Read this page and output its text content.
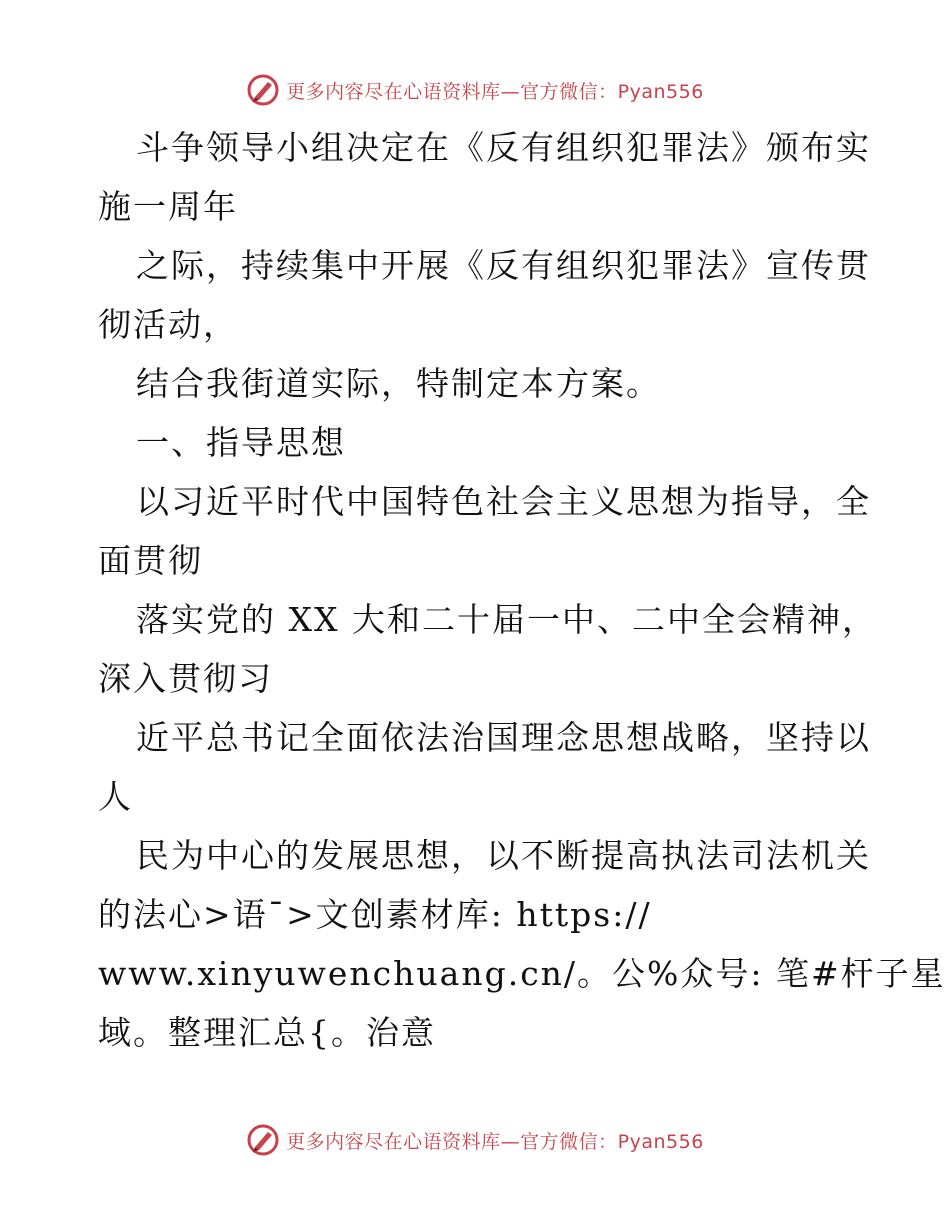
更多内容尽在心语资料库—官方微信：Pyan556
斗争领导小组决定在《反有组织犯罪法》颁布实
施一周年
之际，持续集中开展《反有组织犯罪法》宣传贯
彻活动，
结合我街道实际，特制定本方案。
一、指导思想
以习近平时代中国特色社会主义思想为指导，全
面贯彻
落实党的 XX 大和二十届一中、二中全会精神，
深入贯彻习
近平总书记全面依法治国理念思想战略，坚持以
人
民为中心的发展思想，以不断提高执法司法机关
的法心>语¯>文创素材库: https://
www.xinyuwenchuang.cn/。公%众号: 笔#杆子星
域。整理汇总{。治意
更多内容尽在心语资料库—官方微信：Pyan556
